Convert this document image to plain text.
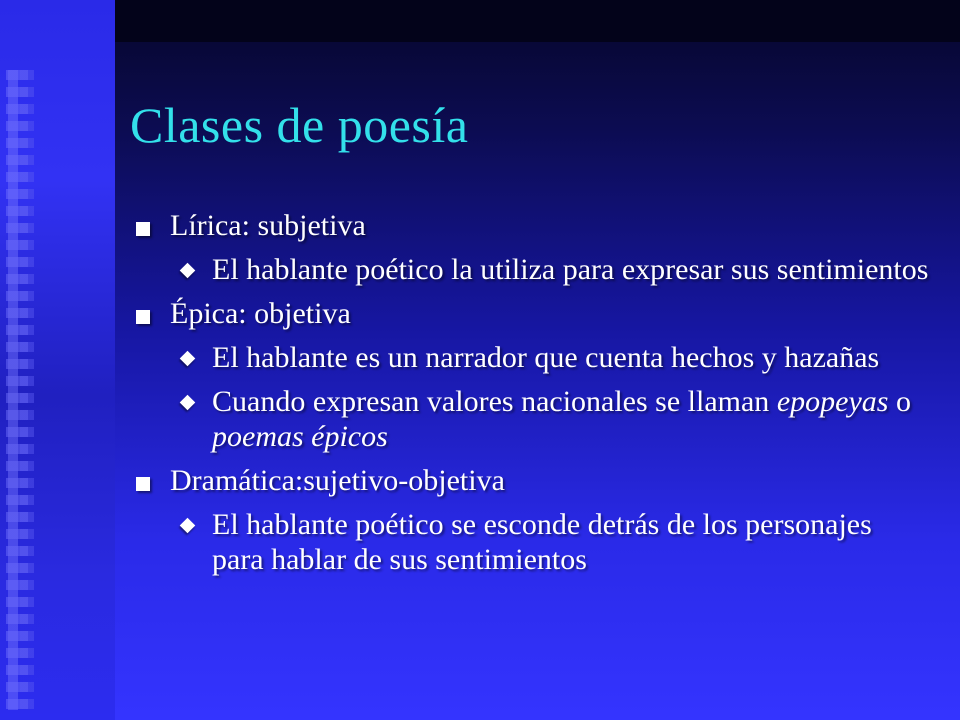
Clases de poesía
Lírica: subjetiva
El hablante poético la utiliza para expresar sus sentimientos
Épica: objetiva
El hablante es un narrador que cuenta hechos y hazañas
Cuando expresan valores nacionales se llaman epopeyas o poemas épicos
Dramática:sujetivo-objetiva
El hablante poético se esconde detrás de los personajes para hablar de sus sentimientos
